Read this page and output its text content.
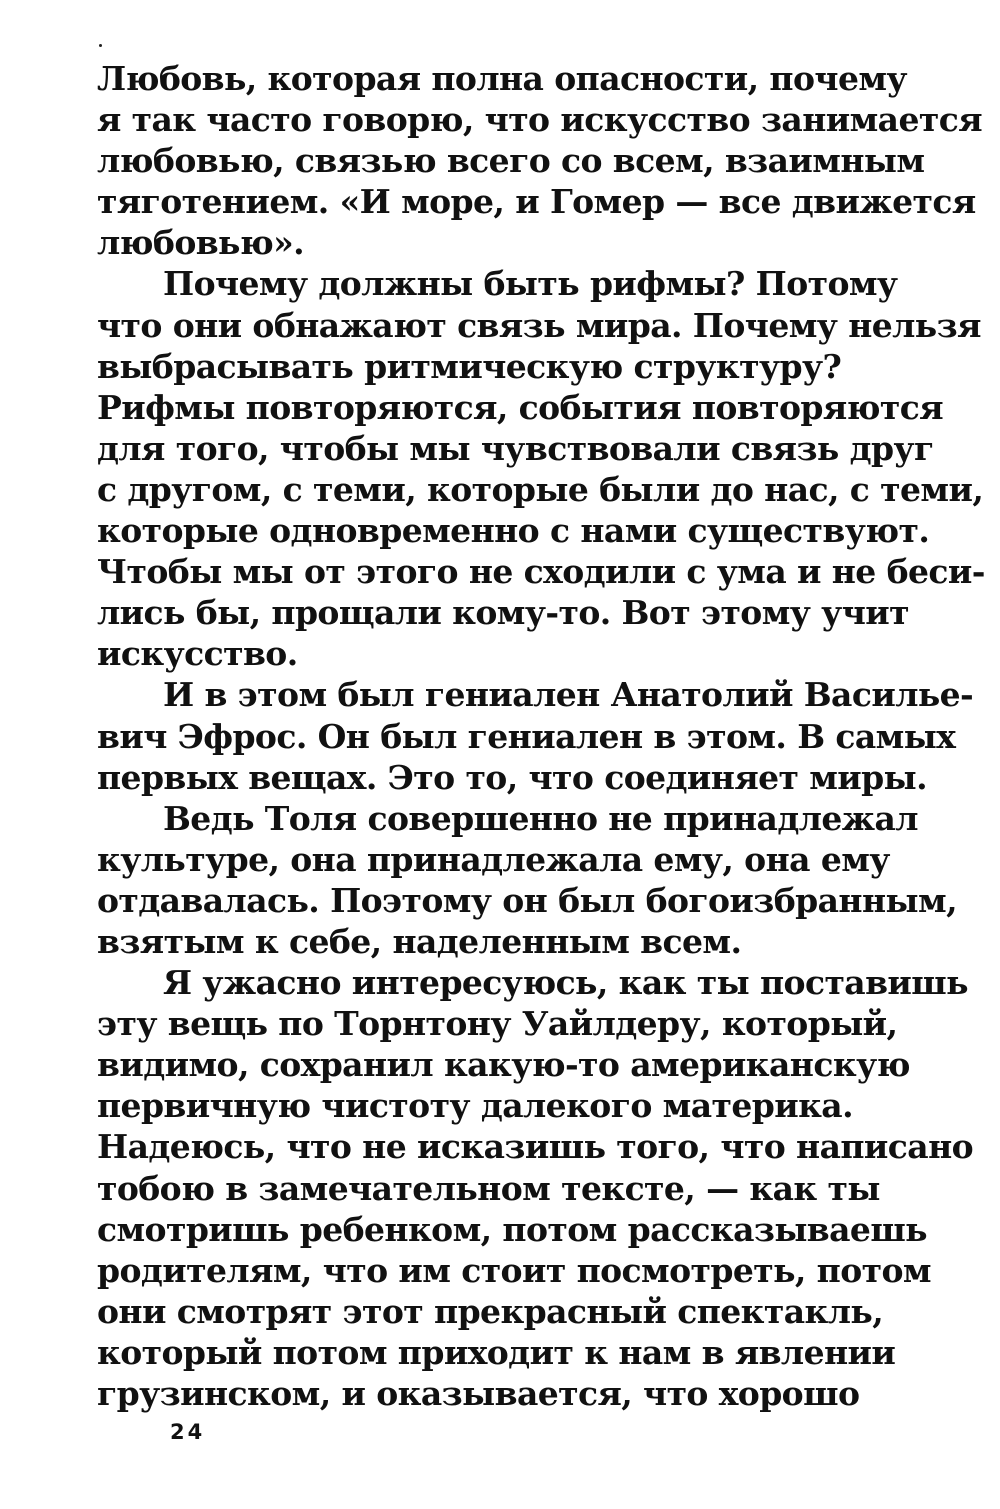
Любовь, которая полна опасности, почему
я так часто говорю, что искусство занимается
любовью, связью всего со всем, взаимным
тяготением. «И море, и Гомер — все движется
любовью».
Почему должны быть рифмы? Потому
что они обнажают связь мира. Почему нельзя
выбрасывать ритмическую структуру?
Рифмы повторяются, события повторяются
для того, чтобы мы чувствовали связь друг
с другом, с теми, которые были до нас, с теми,
которые одновременно с нами существуют.
Чтобы мы от этого не сходили с ума и не беси-
лись бы, прощали кому-то. Вот этому учит
искусство.
И в этом был гениален Анатолий Василье-
вич Эфрос. Он был гениален в этом. В самых
первых вещах. Это то, что соединяет миры.
Ведь Толя совершенно не принадлежал
культуре, она принадлежала ему, она ему
отдавалась. Поэтому он был богоизбранным,
взятым к себе, наделенным всем.
Я ужасно интересуюсь, как ты поставишь
эту вещь по Торнтону Уайлдеру, который,
видимо, сохранил какую-то американскую
первичную чистоту далекого материка.
Надеюсь, что не исказишь того, что написано
тобою в замечательном тексте, — как ты
смотришь ребенком, потом рассказываешь
родителям, что им стоит посмотреть, потом
они смотрят этот прекрасный спектакль,
который потом приходит к нам в явлении
грузинском, и оказывается, что хорошо
24
